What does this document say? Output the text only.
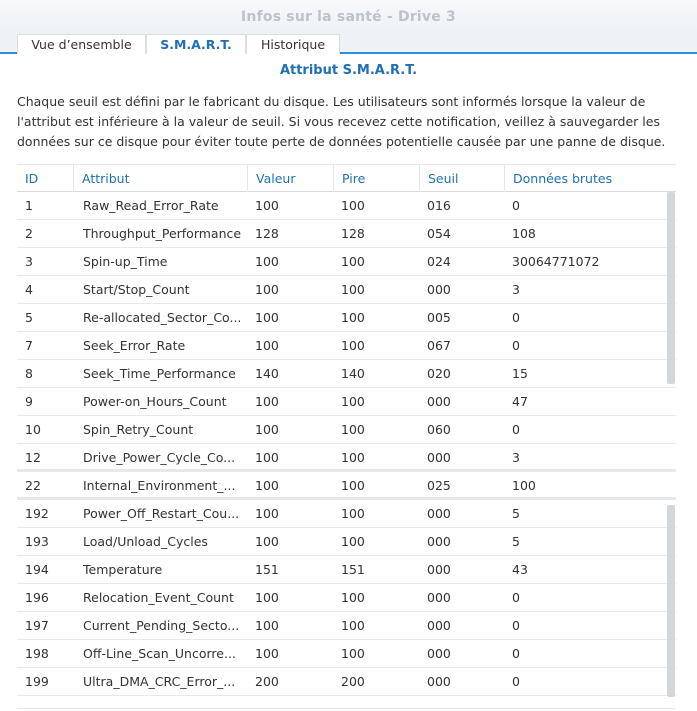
Infos sur la santé - Drive 3
Vue d’ensemble	S.M.A.R.T.	Historique
Attribut S.M.A.R.T.
Chaque seuil est défini par le fabricant du disque. Les utilisateurs sont informés lorsque la valeur de l'attribut est inférieure à la valeur de seuil. Si vous recevez cette notification, veillez à sauvegarder les données sur ce disque pour éviter toute perte de données potentielle causée par une panne de disque.
ID	Attribut	Valeur	Pire	Seuil	Données brutes
1	Raw_Read_Error_Rate	100	100	016	0
2	Throughput_Performance	128	128	054	108
3	Spin-up_Time	100	100	024	30064771072
4	Start/Stop_Count	100	100	000	3
5	Re-allocated_Sector_Co...	100	100	005	0
7	Seek_Error_Rate	100	100	067	0
8	Seek_Time_Performance	140	140	020	15
9	Power-on_Hours_Count	100	100	000	47
10	Spin_Retry_Count	100	100	060	0
12	Drive_Power_Cycle_Co...	100	100	000	3
22	Internal_Environment_...	100	100	025	100
192	Power_Off_Restart_Cou...	100	100	000	5
193	Load/Unload_Cycles	100	100	000	5
194	Temperature	151	151	000	43
196	Relocation_Event_Count	100	100	000	0
197	Current_Pending_Secto...	100	100	000	0
198	Off-Line_Scan_Uncorre...	100	100	000	0
199	Ultra_DMA_CRC_Error_...	200	200	000	0
